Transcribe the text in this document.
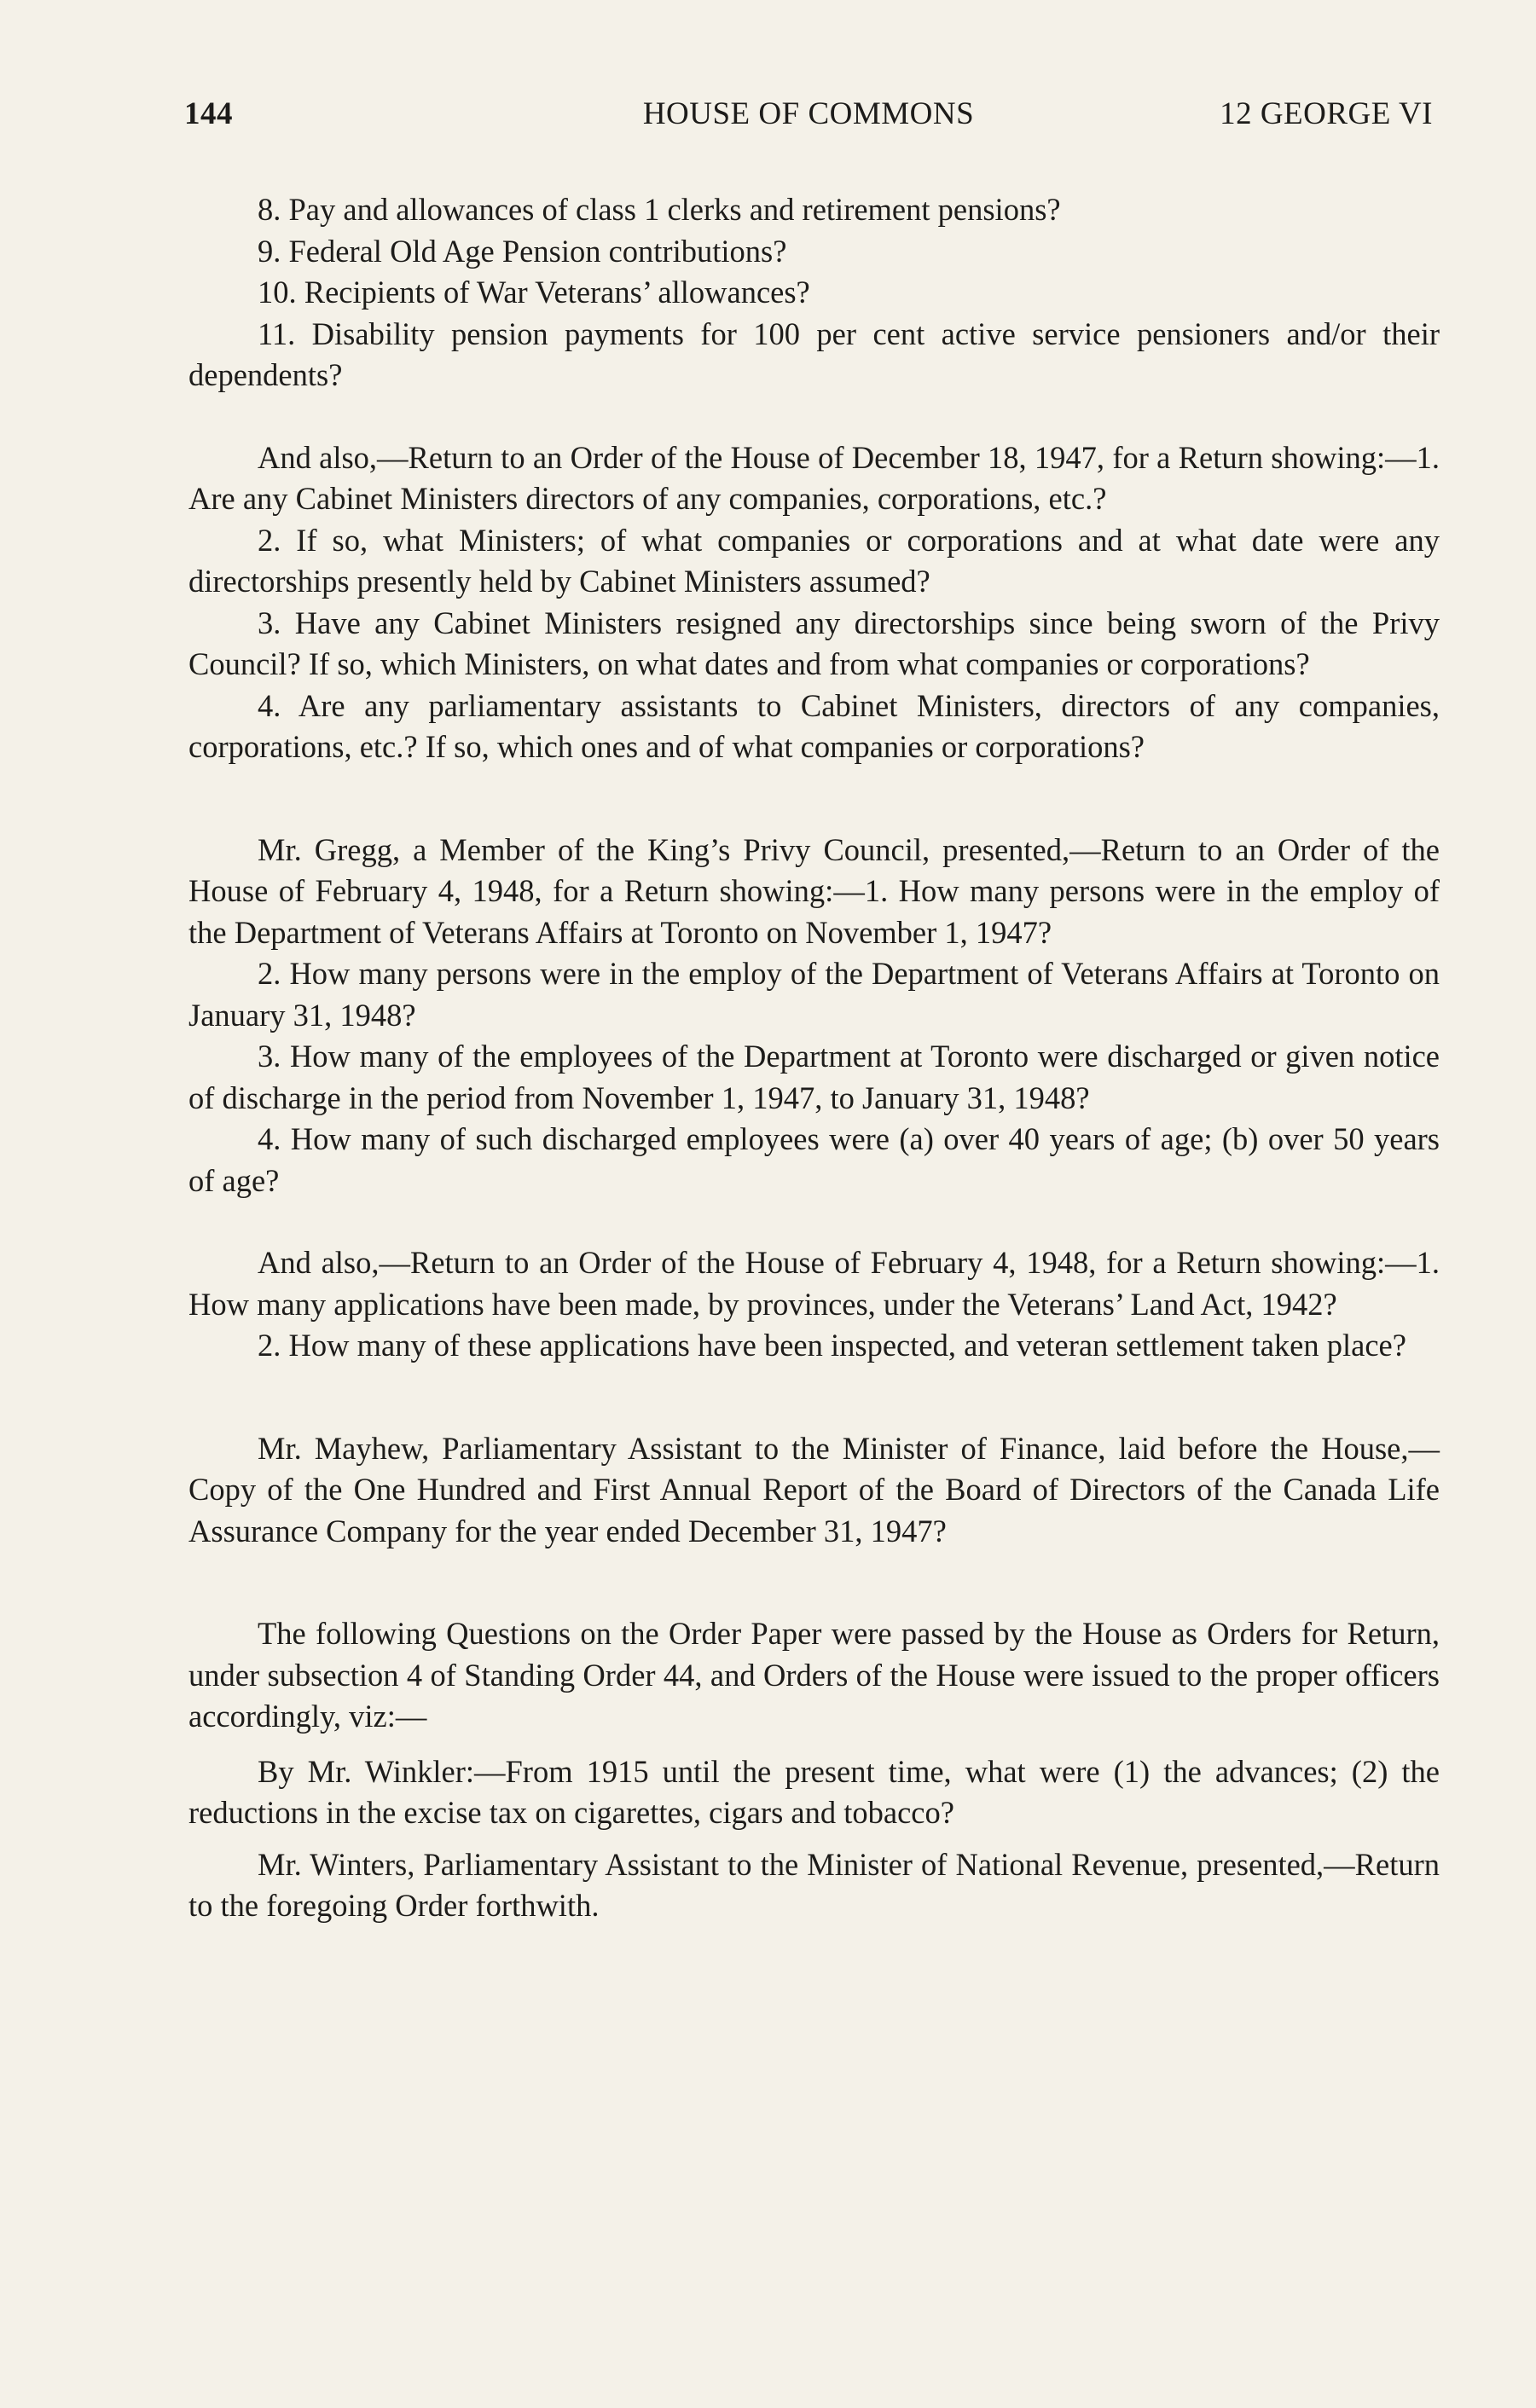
144	HOUSE OF COMMONS	12 GEORGE VI

8. Pay and allowances of class 1 clerks and retirement pensions?

9. Federal Old Age Pension contributions?

10. Recipients of War Veterans’ allowances?

11. Disability pension payments for 100 per cent active service pensioners and/or their dependents?

And also,—Return to an Order of the House of December 18, 1947, for a Return showing:—1. Are any Cabinet Ministers directors of any companies, corporations, etc.?

2. If so, what Ministers; of what companies or corporations and at what date were any directorships presently held by Cabinet Ministers assumed?

3. Have any Cabinet Ministers resigned any directorships since being sworn of the Privy Council? If so, which Ministers, on what dates and from what companies or corporations?

4. Are any parliamentary assistants to Cabinet Ministers, directors of any companies, corporations, etc.? If so, which ones and of what companies or corporations?

Mr. Gregg, a Member of the King’s Privy Council, presented,—Return to an Order of the House of February 4, 1948, for a Return showing:—1. How many persons were in the employ of the Department of Veterans Affairs at Toronto on November 1, 1947?

2. How many persons were in the employ of the Department of Veterans Affairs at Toronto on January 31, 1948?

3. How many of the employees of the Department at Toronto were discharged or given notice of discharge in the period from November 1, 1947, to January 31, 1948?

4. How many of such discharged employees were (a) over 40 years of age; (b) over 50 years of age?

And also,—Return to an Order of the House of February 4, 1948, for a Return showing:—1. How many applications have been made, by provinces, under the Veterans’ Land Act, 1942?

2. How many of these applications have been inspected, and veteran settlement taken place?

Mr. Mayhew, Parliamentary Assistant to the Minister of Finance, laid before the House,—Copy of the One Hundred and First Annual Report of the Board of Directors of the Canada Life Assurance Company for the year ended December 31, 1947?

The following Questions on the Order Paper were passed by the House as Orders for Return, under subsection 4 of Standing Order 44, and Orders of the House were issued to the proper officers accordingly, viz:—

By Mr. Winkler:—From 1915 until the present time, what were (1) the advances; (2) the reductions in the excise tax on cigarettes, cigars and tobacco?

Mr. Winters, Parliamentary Assistant to the Minister of National Revenue, presented,—Return to the foregoing Order forthwith.
